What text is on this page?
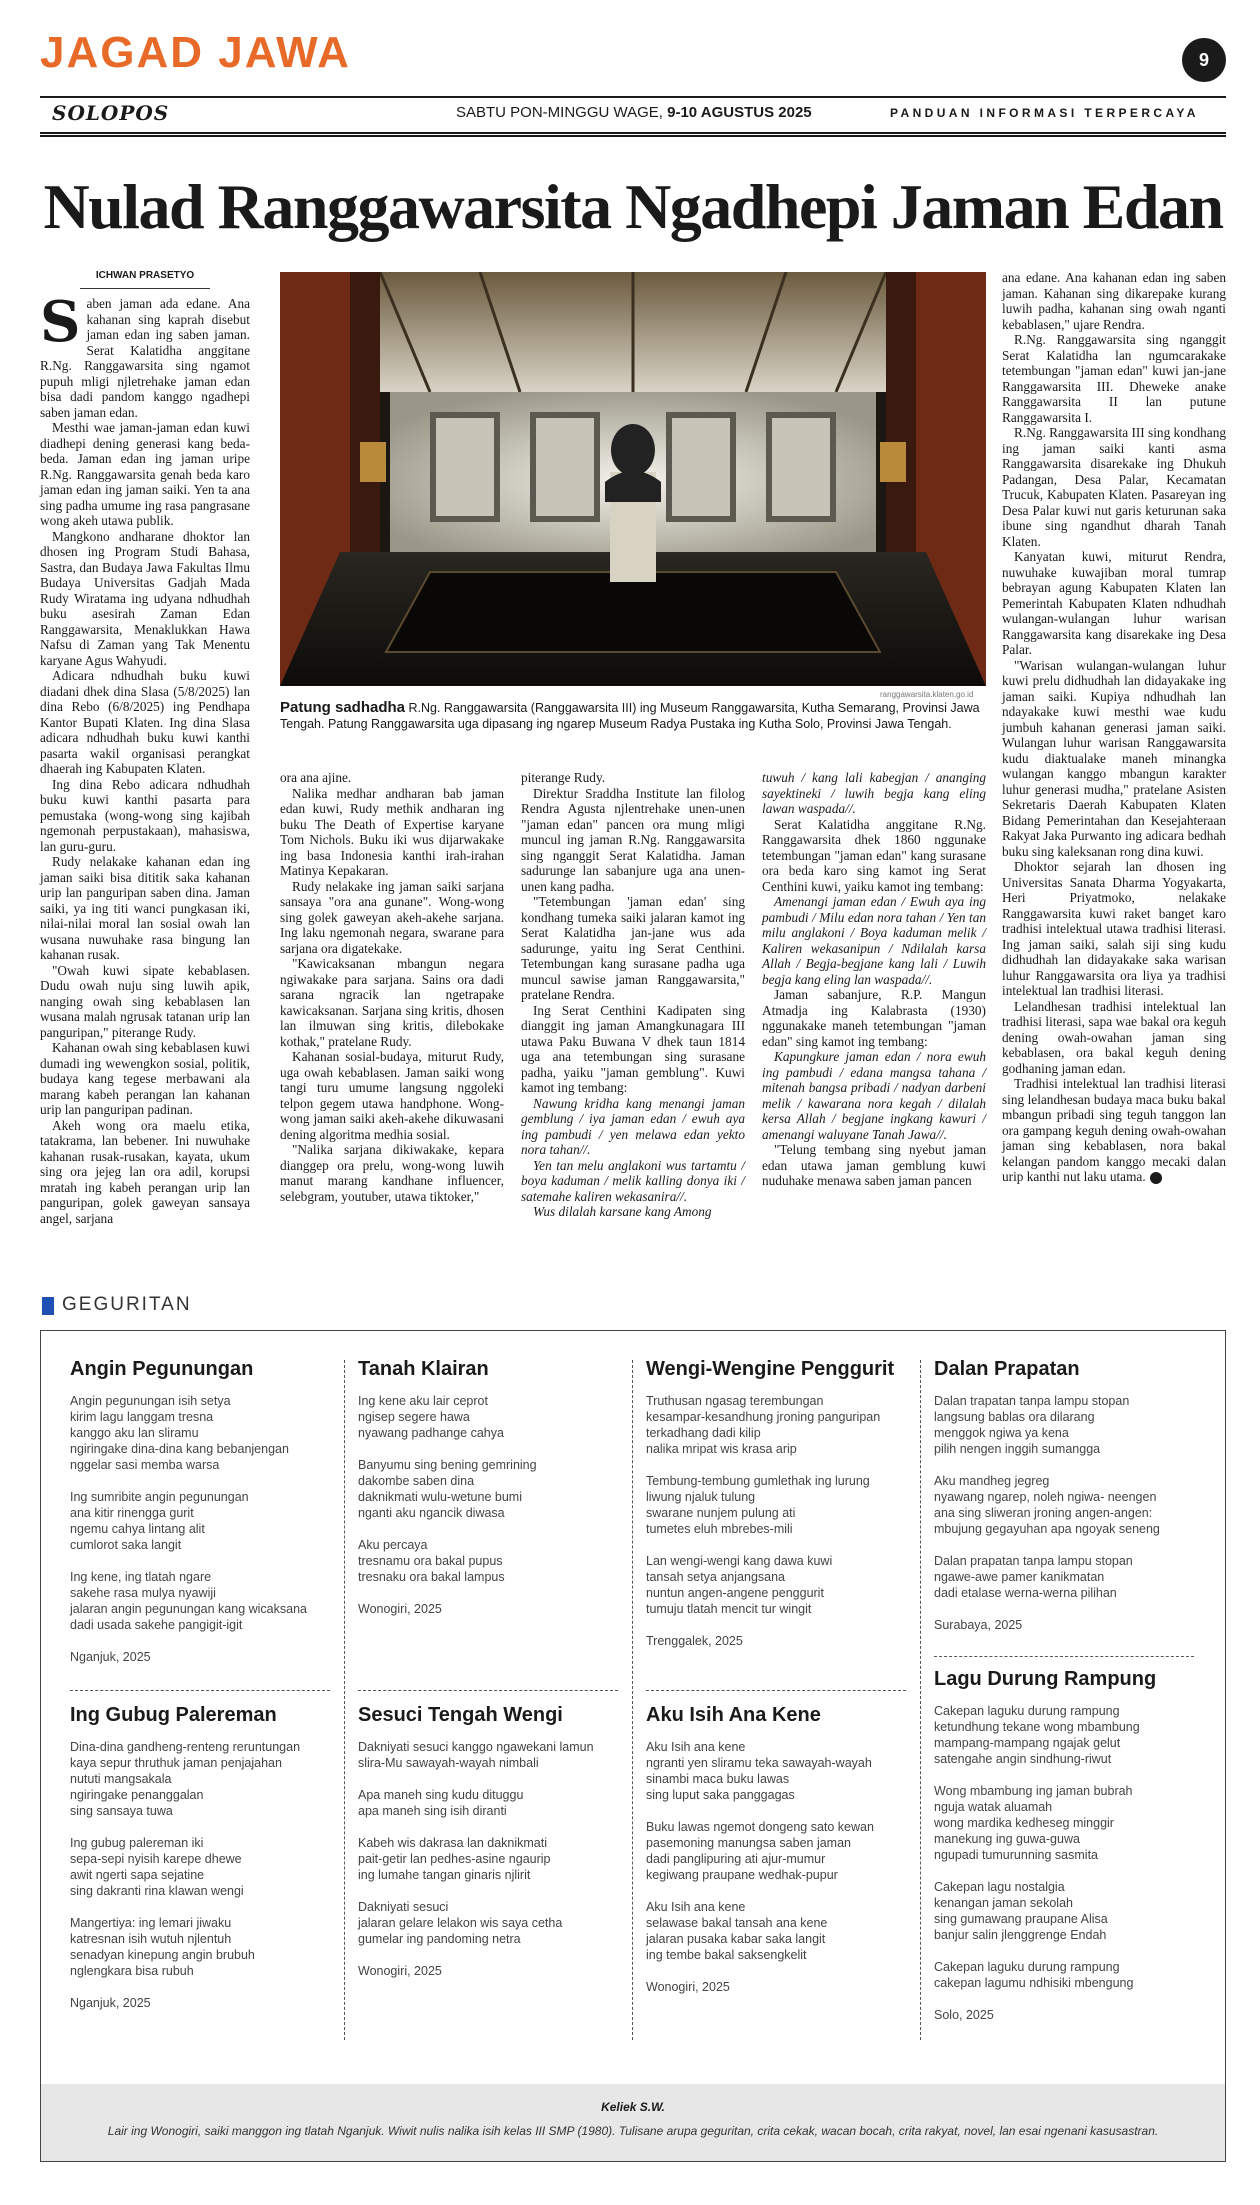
JAGAD JAWA	9
SOLOPOS	SABTU PON-MINGGU WAGE, 9-10 AGUSTUS 2025	PANDUAN INFORMASI TERPERCAYA
Nulad Ranggawarsita Ngadhepi Jaman Edan
ICHWAN PRASETYO

Saben jaman ada edane. Ana kahanan sing kaprah disebut jaman edan ing saben jaman. Serat Kalatidha anggitane R.Ng. Ranggawarsita sing ngamot pupuh mligi njletrehake jaman edan bisa dadi pandom kanggo ngadhepi saben jaman edan.

Mesthi wae jaman-jaman edan kuwi diadhepi dening generasi kang beda-beda. Jaman edan ing jaman uripe R.Ng. Ranggawarsita genah beda karo jaman edan ing jaman saiki. Yen ta ana sing padha umume ing rasa pangrasane wong akeh utawa publik.

Mangkono andharane dhoktor lan dhosen ing Program Studi Bahasa, Sastra, dan Budaya Jawa Fakultas Ilmu Budaya Universitas Gadjah Mada Rudy Wiratama ing udyana ndhudhah buku asesirah Zaman Edan Ranggawarsita, Menaklukkan Hawa Nafsu di Zaman yang Tak Menentu karyane Agus Wahyudi.

Adicara ndhudhah buku kuwi diadani dhek dina Slasa (5/8/2025) lan dina Rebo (6/8/2025) ing Pendhapa Kantor Bupati Klaten. Ing dina Slasa adicara ndhudhah buku kuwi kanthi pasarta wakil organisasi perangkat dhaerah ing Kabupaten Klaten.

Ing dina Rebo adicara ndhudhah buku kuwi kanthi pasarta para pemustaka (wong-wong sing kajibah ngemonah perpustakaan), mahasiswa, lan guru-guru.

Rudy nelakake kahanan edan ing jaman saiki bisa dititik saka kahanan urip lan panguripan saben dina. Jaman saiki, ya ing titi wanci pungkasan iki, nilai-nilai moral lan sosial owah lan wusana nuwuhake rasa bingung lan kahanan rusak.

"Owah kuwi sipate kebablasen. Dudu owah nuju sing luwih apik, nanging owah sing kebablasen lan wusana malah ngrusak tatanan urip lan panguripan," piterange Rudy.

Kahanan owah sing kebablasen kuwi dumadi ing wewengkon sosial, politik, budaya kang tegese merbawani ala marang kabeh perangan lan kahanan urip lan panguripan padinan.

Akeh wong ora maelu etika, tatakrama, lan bebener. Ini nuwuhake kahanan rusak-rusakan, kayata, ukum sing ora jejeg lan ora adil, korupsi mratah ing kabeh perangan urip lan panguripan, golek gaweyan sansaya angel, sarjana

ranggawarsita.klaten.go.id
Patung sadhadha R.Ng. Ranggawarsita (Ranggawarsita III) ing Museum Ranggawarsita, Kutha Semarang, Provinsi Jawa Tengah. Patung Ranggawarsita uga dipasang ing ngarep Museum Radya Pustaka ing Kutha Solo, Provinsi Jawa Tengah.

ora ana ajine.

Nalika medhar andharan bab jaman edan kuwi, Rudy methik andharan ing buku The Death of Expertise karyane Tom Nichols. Buku iki wus dijarwakake ing basa Indonesia kanthi irah-irahan Matinya Kepakaran.

Rudy nelakake ing jaman saiki sarjana sansaya "ora ana gunane". Wong-wong sing golek gaweyan akeh-akehe sarjana. Ing laku ngemonah negara, swarane para sarjana ora digatekake.

"Kawicaksanan mbangun negara ngiwakake para sarjana. Sains ora dadi sarana ngracik lan ngetrapake kawicaksanan. Sarjana sing kritis, dhosen lan ilmuwan sing kritis, dilebokake kothak," pratelane Rudy.

Kahanan sosial-budaya, miturut Rudy, uga owah kebablasen. Jaman saiki wong tangi turu umume langsung nggoleki telpon gegem utawa handphone. Wong-wong jaman saiki akeh-akehe dikuwasani dening algoritma medhia sosial.

"Nalika sarjana dikiwakake, kepara dianggep ora prelu, wong-wong luwih manut marang kandhane influencer, selebgram, youtuber, utawa tiktoker,"

piterange Rudy.

Direktur Sraddha Institute lan filolog Rendra Agusta njlentrehake unen-unen "jaman edan" pancen ora mung mligi muncul ing jaman R.Ng. Ranggawarsita sing nganggit Serat Kalatidha. Jaman sadurunge lan sabanjure uga ana unen-unen kang padha.

"Tetembungan 'jaman edan' sing kondhang tumeka saiki jalaran kamot ing Serat Kalatidha jan-jane wus ada sadurunge, yaitu ing Serat Centhini. Tetembungan kang surasane padha uga muncul sawise jaman Ranggawarsita," pratelane Rendra.

Ing Serat Centhini Kadipaten sing dianggit ing jaman Amangkunagara III utawa Paku Buwana V dhek taun 1814 uga ana tetembungan sing surasane padha, yaiku "jaman gemblung". Kuwi kamot ing tembang:

Nawung kridha kang menangi jaman gemblung / iya jaman edan / ewuh aya ing pambudi / yen melawa edan yekto nora tahan//.

Yen tan melu anglakoni wus tartamtu / boya kaduman / melik kalling donya iki / satemahe kaliren wekasanira//.

Wus dilalah karsane kang Among

tuwuh / kang lali kabegjan / ananging sayektineki / luwih begja kang eling lawan waspada//.

Serat Kalatidha anggitane R.Ng. Ranggawarsita dhek 1860 nggunake tetembungan "jaman edan" kang surasane ora beda karo sing kamot ing Serat Centhini kuwi, yaiku kamot ing tembang:

Amenangi jaman edan / Ewuh aya ing pambudi / Milu edan nora tahan / Yen tan milu anglakoni / Boya kaduman melik / Kaliren wekasanipun / Ndilalah karsa Allah / Begja-begjane kang lali / Luwih begja kang eling lan waspada//.

Jaman sabanjure, R.P. Mangun Atmadja ing Kalabrasta (1930) nggunakake maneh tetembungan "jaman edan" sing kamot ing tembang:

Kapungkure jaman edan / nora ewuh ing pambudi / edana mangsa tahana / mitenah bangsa pribadi / nadyan darbeni melik / kawarana nora kegah / dilalah kersa Allah / begjane ingkang kawuri / amenangi waluyane Tanah Jawa//.

"Telung tembang sing nyebut jaman edan utawa jaman gemblung kuwi nuduhake menawa saben jaman pancen

ana edane. Ana kahanan edan ing saben jaman. Kahanan sing dikarepake kurang luwih padha, kahanan sing owah nganti kebablasen," ujare Rendra.

R.Ng. Ranggawarsita sing nganggit Serat Kalatidha lan ngumcarakake tetembungan "jaman edan" kuwi jan-jane Ranggawarsita III. Dheweke anake Ranggawarsita II lan putune Ranggawarsita I.

R.Ng. Ranggawarsita III sing kondhang ing jaman saiki kanti asma Ranggawarsita disarekake ing Dhukuh Padangan, Desa Palar, Kecamatan Trucuk, Kabupaten Klaten. Pasareyan ing Desa Palar kuwi nut garis keturunan saka ibune sing ngandhut dharah Tanah Klaten.

Kanyatan kuwi, miturut Rendra, nuwuhake kuwajiban moral tumrap bebrayan agung Kabupaten Klaten lan Pemerintah Kabupaten Klaten ndhudhah wulangan-wulangan luhur warisan Ranggawarsita kang disarekake ing Desa Palar.

"Warisan wulangan-wulangan luhur kuwi prelu didhudhah lan didayakake ing jaman saiki. Kupiya ndhudhah lan ndayakake kuwi mesthi wae kudu jumbuh kahanan generasi jaman saiki. Wulangan luhur warisan Ranggawarsita kudu diaktualake maneh minangka wulangan kanggo mbangun karakter luhur generasi mudha," pratelane Asisten Sekretaris Daerah Kabupaten Klaten Bidang Pemerintahan dan Kesejahteraan Rakyat Jaka Purwanto ing adicara bedhah buku sing kaleksanan rong dina kuwi.

Dhoktor sejarah lan dhosen ing Universitas Sanata Dharma Yogyakarta, Heri Priyatmoko, nelakake Ranggawarsita kuwi raket banget karo tradhisi intelektual utawa tradhisi literasi. Ing jaman saiki, salah siji sing kudu didhudhah lan didayakake saka warisan luhur Ranggawarsita ora liya ya tradhisi intelektual lan tradhisi literasi.

Lelandhesan tradhisi intelektual lan tradhisi literasi, sapa wae bakal ora keguh dening owah-owahan jaman sing kebablasen, ora bakal keguh dening godhaning jaman edan.

Tradhisi intelektual lan tradhisi literasi sing lelandhesan budaya maca buku bakal mbangun pribadi sing teguh tanggon lan ora gampang keguh dening owah-owahan jaman sing kebablasen, nora bakal kelangan pandom kanggo mecaki dalan urip kanthi nut laku utama.

GEGURITAN
Angin Pegunungan
Angin pegunungan isih setya
kirim lagu langgam tresna
kanggo aku lan sliramu
ngiringake dina-dina kang bebanjengan
nggelar sasi memba warsa
Ing sumribite angin pegunungan
ana kitir rinengga gurit
ngemu cahya lintang alit
cumlorot saka langit
Ing kene, ing tlatah ngare
sakehe rasa mulya nyawiji
jalaran angin pegunungan kang wicaksana
dadi usada sakehe pangigit-igit
Nganjuk, 2025
Tanah Klairan
Ing kene aku lair ceprot
ngisep segere hawa
nyawang padhange cahya
Banyumu sing bening gemrining
dakombe saben dina
daknikmati wulu-wetune bumi
nganti aku ngancik diwasa
Aku percaya
tresnamu ora bakal pupus
tresnaku ora bakal lampus
Wonogiri, 2025
Wengi-Wengine Penggurit
Truthusan ngasag terembungan
kesampar-kesandhung jroning panguripan
terkadhang dadi kilip
nalika mripat wis krasa arip
Tembung-tembung gumlethak ing lurung
liwung njaluk tulung
swarane nunjem pulung ati
tumetes eluh mbrebes-mili
Lan wengi-wengi kang dawa kuwi
tansah setya anjangsana
nuntun angen-angene penggurit
tumuju tlatah mencit tur wingit
Trenggalek, 2025
Dalan Prapatan
Dalan trapatan tanpa lampu stopan
langsung bablas ora dilarang
menggok ngiwa ya kena
pilih nengen inggih sumangga
Aku mandheg jegreg
nyawang ngarep, noleh ngiwa- neengen
ana sing sliweran jroning angen-angen:
mbujung gegayuhan apa ngoyak seneng
Dalan prapatan tanpa lampu stopan
ngawe-awe pamer kanikmatan
dadi etalase werna-werna pilihan
Surabaya, 2025
Ing Gubug Palereman
Dina-dina gandheng-renteng reruntungan
kaya sepur thruthuk jaman penjajahan
nututi mangsakala
ngiringake penanggalan
sing sansaya tuwa
Ing gubug palereman iki
sepa-sepi nyisih karepe dhewe
awit ngerti sapa sejatine
sing dakranti rina klawan wengi
Mangertiya: ing lemari jiwaku
katresnan isih wutuh njlentuh
senadyan kinepung angin brubuh
nglengkara bisa rubuh
Nganjuk, 2025
Sesuci Tengah Wengi
Dakniyati sesuci kanggo ngawekani lamun
slira-Mu sawayah-wayah nimbali
Apa maneh sing kudu dituggu
apa maneh sing isih diranti
Kabeh wis dakrasa lan daknikmati
pait-getir lan pedhes-asine ngaurip
ing lumahe tangan ginaris njlirit
Dakniyati sesuci
jalaran gelare lelakon wis saya cetha
gumelar ing pandoming netra
Wonogiri, 2025
Aku Isih Ana Kene
Aku Isih ana kene
ngranti yen sliramu teka sawayah-wayah
sinambi maca buku lawas
sing luput saka panggagas
Buku lawas ngemot dongeng sato kewan
pasemoning manungsa saben jaman
dadi panglipuring ati ajur-mumur
kegiwang praupane wedhak-pupur
Aku Isih ana kene
selawase bakal tansah ana kene
jalaran pusaka kabar saka langit
ing tembe bakal saksengkelit
Wonogiri, 2025
Lagu Durung Rampung
Cakepan laguku durung rampung
ketundhung tekane wong mbambung
mampang-mampang ngajak gelut
satengahe angin sindhung-riwut
Wong mbambung ing jaman bubrah
nguja watak aluamah
wong mardika kedheseg minggir
manekung ing guwa-guwa
ngupadi tumurunning sasmita
Cakepan lagu nostalgia
kenangan jaman sekolah
sing gumawang praupane Alisa
banjur salin jlenggrenge Endah
Cakepan laguku durung rampung
cakepan lagumu ndhisiki mbengung
Solo, 2025
Keliek S.W.
Lair ing Wonogiri, saiki manggon ing tlatah Nganjuk. Wiwit nulis nalika isih kelas III SMP (1980). Tulisane arupa geguritan, crita cekak, wacan bocah, crita rakyat, novel, lan esai ngenani kasusastran.
